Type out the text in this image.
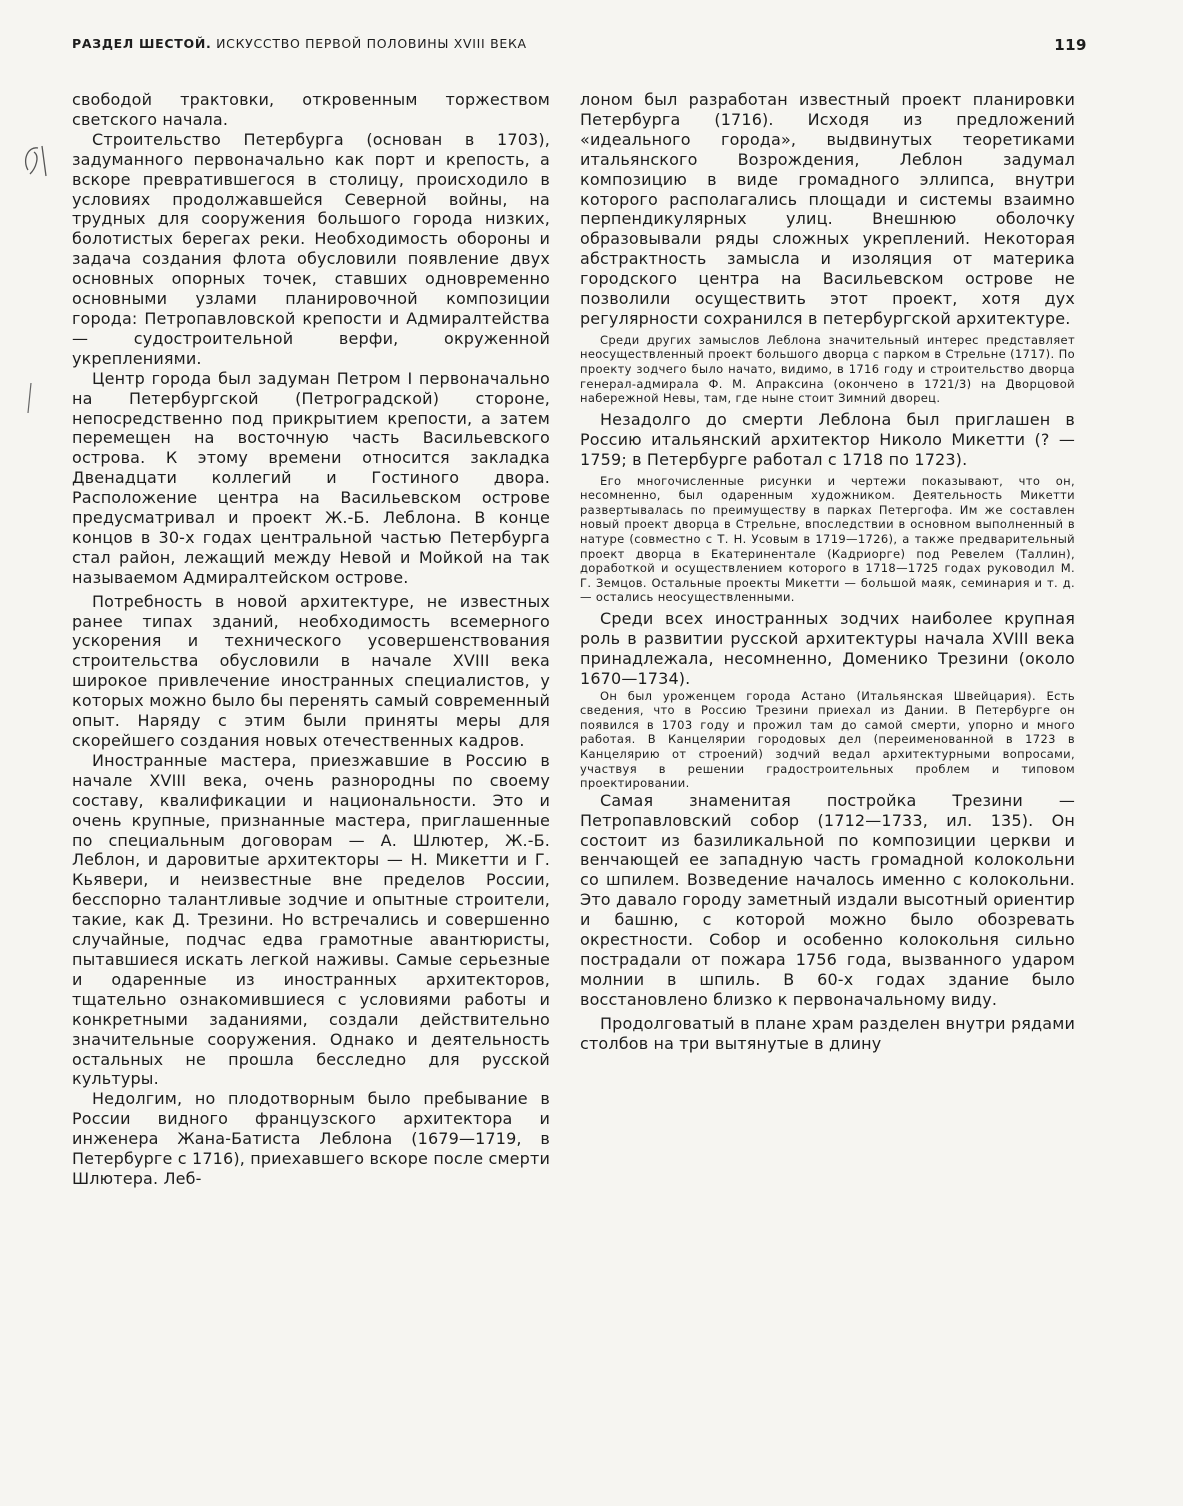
РАЗДЕЛ ШЕСТОЙ. ИСКУССТВО ПЕРВОЙ ПОЛОВИНЫ XVIII ВЕКА	119

свободой трактовки, откровенным торжеством светского начала.

Строительство Петербурга (основан в 1703), задуманного первоначально как порт и крепость, а вскоре превратившегося в столицу, происходило в условиях продолжавшейся Северной войны, на трудных для сооружения большого города низких, болотистых берегах реки. Необходимость обороны и задача создания флота обусловили появление двух основных опорных точек, ставших одновременно основными узлами планировочной композиции города: Петропавловской крепости и Адмиралтейства — судостроительной верфи, окруженной укреплениями.

Центр города был задуман Петром I первоначально на Петербургской (Петроградской) стороне, непосредственно под прикрытием крепости, а затем перемещен на восточную часть Васильевского острова. К этому времени относится закладка Двенадцати коллегий и Гостиного двора. Расположение центра на Васильевском острове предусматривал и проект Ж.-Б. Леблона. В конце концов в 30-х годах центральной частью Петербурга стал район, лежащий между Невой и Мойкой на так называемом Адмиралтейском острове.

Потребность в новой архитектуре, не известных ранее типах зданий, необходимость всемерного ускорения и технического усовершенствования строительства обусловили в начале XVIII века широкое привлечение иностранных специалистов, у которых можно было бы перенять самый современный опыт. Наряду с этим были приняты меры для скорейшего создания новых отечественных кадров.

Иностранные мастера, приезжавшие в Россию в начале XVIII века, очень разнородны по своему составу, квалификации и национальности. Это и очень крупные, признанные мастера, приглашенные по специальным договорам — А. Шлютер, Ж.-Б. Леблон, и даровитые архитекторы — Н. Микетти и Г. Кьявери, и неизвестные вне пределов России, бесспорно талантливые зодчие и опытные строители, такие, как Д. Трезини. Но встречались и совершенно случайные, подчас едва грамотные авантюристы, пытавшиеся искать легкой наживы. Самые серьезные и одаренные из иностранных архитекторов, тщательно ознакомившиеся с условиями работы и конкретными заданиями, создали действительно значительные сооружения. Однако и деятельность остальных не прошла бесследно для русской культуры.

Недолгим, но плодотворным было пребывание в России видного французского архитектора и инженера Жана-Батиста Леблона (1679—1719, в Петербурге с 1716), приехавшего вскоре после смерти Шлютера. Леб-

лоном был разработан известный проект планировки Петербурга (1716). Исходя из предложений «идеального города», выдвинутых теоретиками итальянского Возрождения, Леблон задумал композицию в виде громадного эллипса, внутри которого располагались площади и системы взаимно перпендикулярных улиц. Внешнюю оболочку образовывали ряды сложных укреплений. Некоторая абстрактность замысла и изоляция от материка городского центра на Васильевском острове не позволили осуществить этот проект, хотя дух регулярности сохранился в петербургской архитектуре.

Среди других замыслов Леблона значительный интерес представляет неосуществленный проект большого дворца с парком в Стрельне (1717). По проекту зодчего было начато, видимо, в 1716 году и строительство дворца генерал-адмирала Ф. М. Апраксина (окончено в 1721/3) на Дворцовой набережной Невы, там, где ныне стоит Зимний дворец.

Незадолго до смерти Леблона был приглашен в Россию итальянский архитектор Николо Микетти (? — 1759; в Петербурге работал с 1718 по 1723).

Его многочисленные рисунки и чертежи показывают, что он, несомненно, был одаренным художником. Деятельность Микетти развертывалась по преимуществу в парках Петергофа. Им же составлен новый проект дворца в Стрельне, впоследствии в основном выполненный в натуре (совместно с Т. Н. Усовым в 1719—1726), а также предварительный проект дворца в Екатеринентале (Кадриорге) под Ревелем (Таллин), доработкой и осуществлением которого в 1718—1725 годах руководил М. Г. Земцов. Остальные проекты Микетти — большой маяк, семинария и т. д. — остались неосуществленными.

Среди всех иностранных зодчих наиболее крупная роль в развитии русской архитектуры начала XVIII века принадлежала, несомненно, Доменико Трезини (около 1670—1734).

Он был уроженцем города Астано (Итальянская Швейцария). Есть сведения, что в Россию Трезини приехал из Дании. В Петербурге он появился в 1703 году и прожил там до самой смерти, упорно и много работая. В Канцелярии городовых дел (переименованной в 1723 в Канцелярию от строений) зодчий ведал архитектурными вопросами, участвуя в решении градостроительных проблем и типовом проектировании.

Самая знаменитая постройка Трезини — Петропавловский собор (1712—1733, ил. 135). Он состоит из базиликальной по композиции церкви и венчающей ее западную часть громадной колокольни со шпилем. Возведение началось именно с колокольни. Это давало городу заметный издали высотный ориентир и башню, с которой можно было обозревать окрестности. Собор и особенно колокольня сильно пострадали от пожара 1756 года, вызванного ударом молнии в шпиль. В 60-х годах здание было восстановлено близко к первоначальному виду.

Продолговатый в плане храм разделен внутри рядами столбов на три вытянутые в длину
